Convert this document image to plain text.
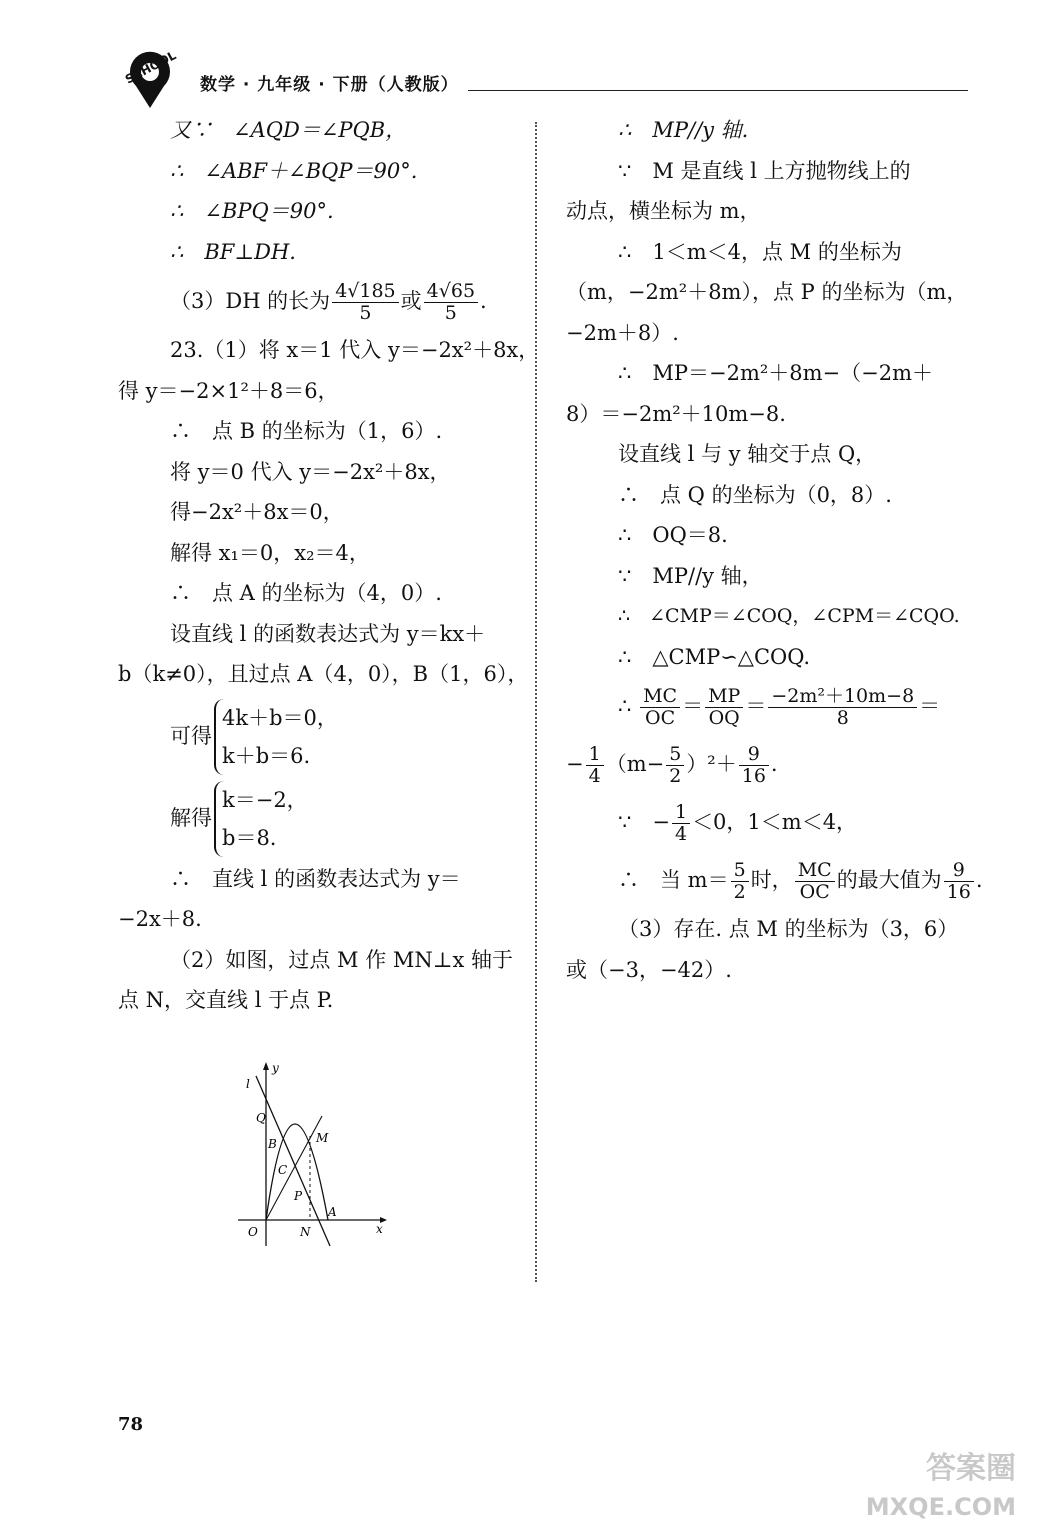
SCHOOL 数学 · 九年级 · 下册（人教版）
又∵　∠AQD＝∠PQB，
∴　∠ABF＋∠BQP＝90°.
∴　∠BPQ＝90°.
∴　BF⊥DH.
（3）DH 的长为 $\frac{4√185}{5}$ 或 $\frac{4√65}{5}$ .
23.（1）将 x＝1 代入 y＝−2x²＋8x，
得 y＝−2×1²＋8＝6，
∴　点 B 的坐标为（1，6）.
将 y＝0 代入 y＝−2x²＋8x，
得−2x²＋8x＝0，
解得 x₁＝0，x₂＝4，
∴　点 A 的坐标为（4，0）.
设直线 l 的函数表达式为 y＝kx＋
b（k≠0），且过点 A（4，0），B（1，6），
可得
4k＋b＝0，
k＋b＝6.
解得
k＝−2，
b＝8.
∴　直线 l 的函数表达式为 y＝
−2x＋8.
（2）如图，过点 M 作 MN⊥x 轴于
点 N，交直线 l 于点 P.
l
y
Q
B	M
C
P
A
O	N	x
∴　MP//y 轴.
∵　M 是直线 l 上方抛物线上的
动点，横坐标为 m，
∴　1＜m＜4，点 M 的坐标为
（m，−2m²＋8m），点 P 的坐标为（m，
−2m＋8）.
∴　MP＝−2m²＋8m−（−2m＋
8）＝−2m²＋10m−8.
设直线 l 与 y 轴交于点 Q，
∴　点 Q 的坐标为（0，8）.
∴　OQ＝8.
∵　MP//y 轴，
∴　∠CMP＝∠COQ，∠CPM＝∠CQO.
∴　△CMP∽△COQ.
∴ $\frac{MC}{OC} = \frac{MP}{OQ} = \frac{\text{−2m²＋10m−8}}{8}$ ＝
− $\frac{1}{4} (m- \frac{5}{2} )^2+ \frac{9}{16}$ .
∵　− $\frac{1}{4} <0$，1＜m＜4，
∴　当 $m= \frac{5}{2}$ 时， $\frac{MC}{OC}$ 的最大值为 $\frac{9}{16}$ .
（3）存在. 点 M 的坐标为（3，6）
或（−3，−42）.
78
答案圈
MXQE.COM
